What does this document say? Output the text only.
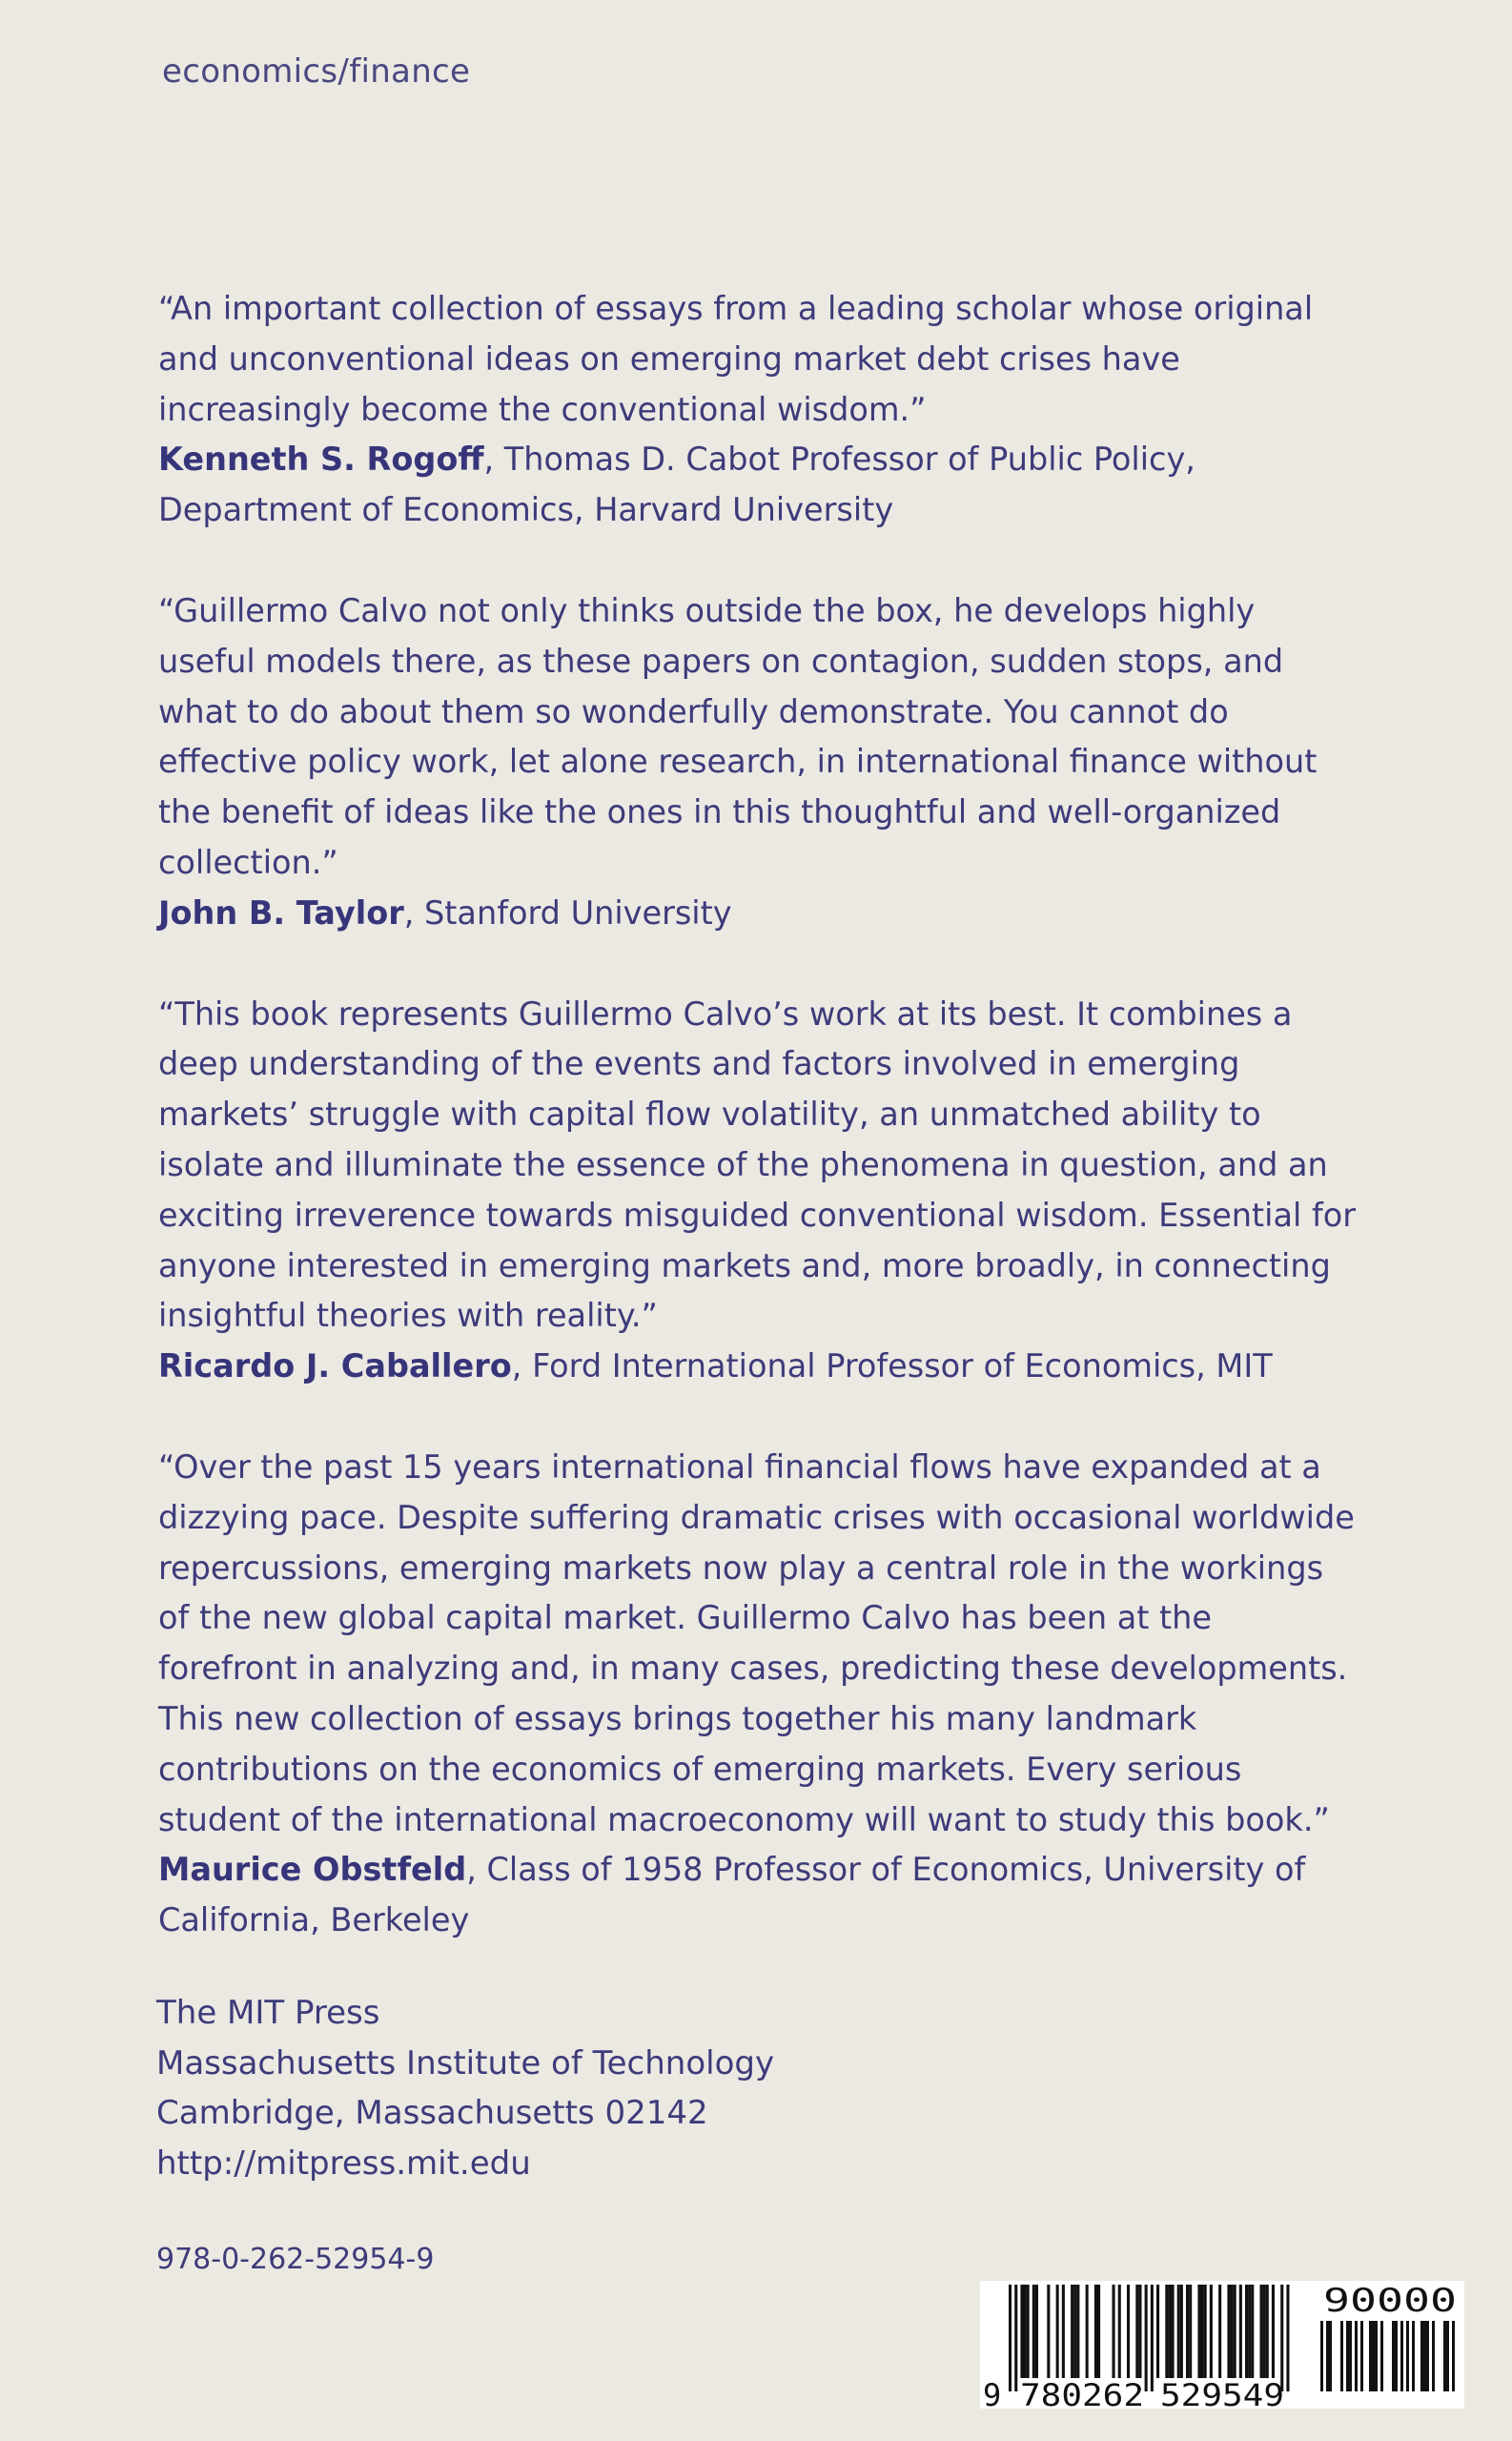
economics/finance

“An important collection of essays from a leading scholar whose original and unconventional ideas on emerging market debt crises have increasingly become the conventional wisdom.”

Kenneth S. Rogoff, Thomas D. Cabot Professor of Public Policy, Department of Economics, Harvard University

“Guillermo Calvo not only thinks outside the box, he develops highly useful models there, as these papers on contagion, sudden stops, and what to do about them so wonderfully demonstrate. You cannot do effective policy work, let alone research, in international finance without the benefit of ideas like the ones in this thoughtful and well-organized collection.”

John B. Taylor, Stanford University

“This book represents Guillermo Calvo’s work at its best. It combines a deep understanding of the events and factors involved in emerging markets’ struggle with capital flow volatility, an unmatched ability to isolate and illuminate the essence of the phenomena in question, and an exciting irreverence towards misguided conventional wisdom. Essential for anyone interested in emerging markets and, more broadly, in connecting insightful theories with reality.”

Ricardo J. Caballero, Ford International Professor of Economics, MIT

“Over the past 15 years international financial flows have expanded at a dizzying pace. Despite suffering dramatic crises with occasional worldwide repercussions, emerging markets now play a central role in the workings of the new global capital market. Guillermo Calvo has been at the forefront in analyzing and, in many cases, predicting these developments. This new collection of essays brings together his many landmark contributions on the economics of emerging markets. Every serious student of the international macroeconomy will want to study this book.”

Maurice Obstfeld, Class of 1958 Professor of Economics, University of California, Berkeley

The MIT Press
Massachusetts Institute of Technology
Cambridge, Massachusetts 02142
http://mitpress.mit.edu
978-0-262-52954-9
9 780262 529549
90000
